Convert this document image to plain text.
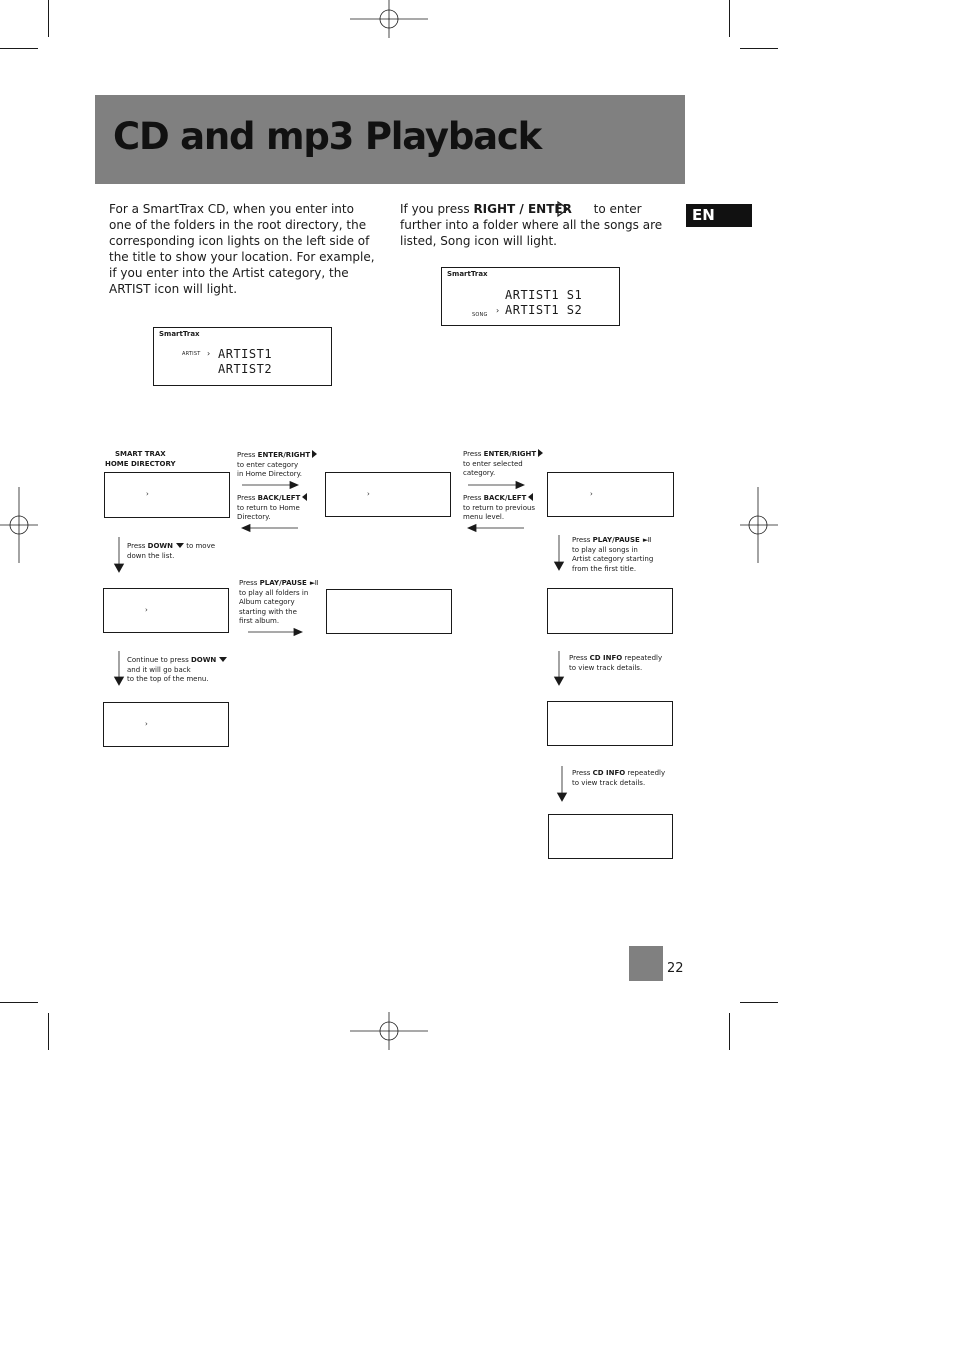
CD and mp3 Playback
EN
For a SmartTrax CD, when you enter into one of the folders in the root directory, the corresponding icon lights on the left side of the title to show your location. For example, if you enter into the Artist category, the ARTIST icon will light.
If you press RIGHT / ENTER to enter further into a folder where all the songs are listed, Song icon will light.
SmartTrax
ARTIST › ARTIST1
ARTIST2
SmartTrax
SONG ›
ARTIST1 S1
ARTIST1 S2
SMART TRAX
HOME DIRECTORY
›	›	›
›
›
Press ENTER/RIGHT
to enter category
in Home Directory.
Press BACK/LEFT
to return to Home
Directory.
Press ENTER/RIGHT
to enter selected
category.
Press BACK/LEFT
to return to previous
menu level.
Press DOWN to move
down the list.
Press PLAY/PAUSE ►II
to play all folders in
Album category
starting with the
first album.
Press PLAY/PAUSE ►II
to play all songs in
Artist category starting
from the first title.
Continue to press DOWN
and it will go back
to the top of the menu.
Press CD INFO repeatedly
to view track details.
Press CD INFO repeatedly
to view track details.
22
